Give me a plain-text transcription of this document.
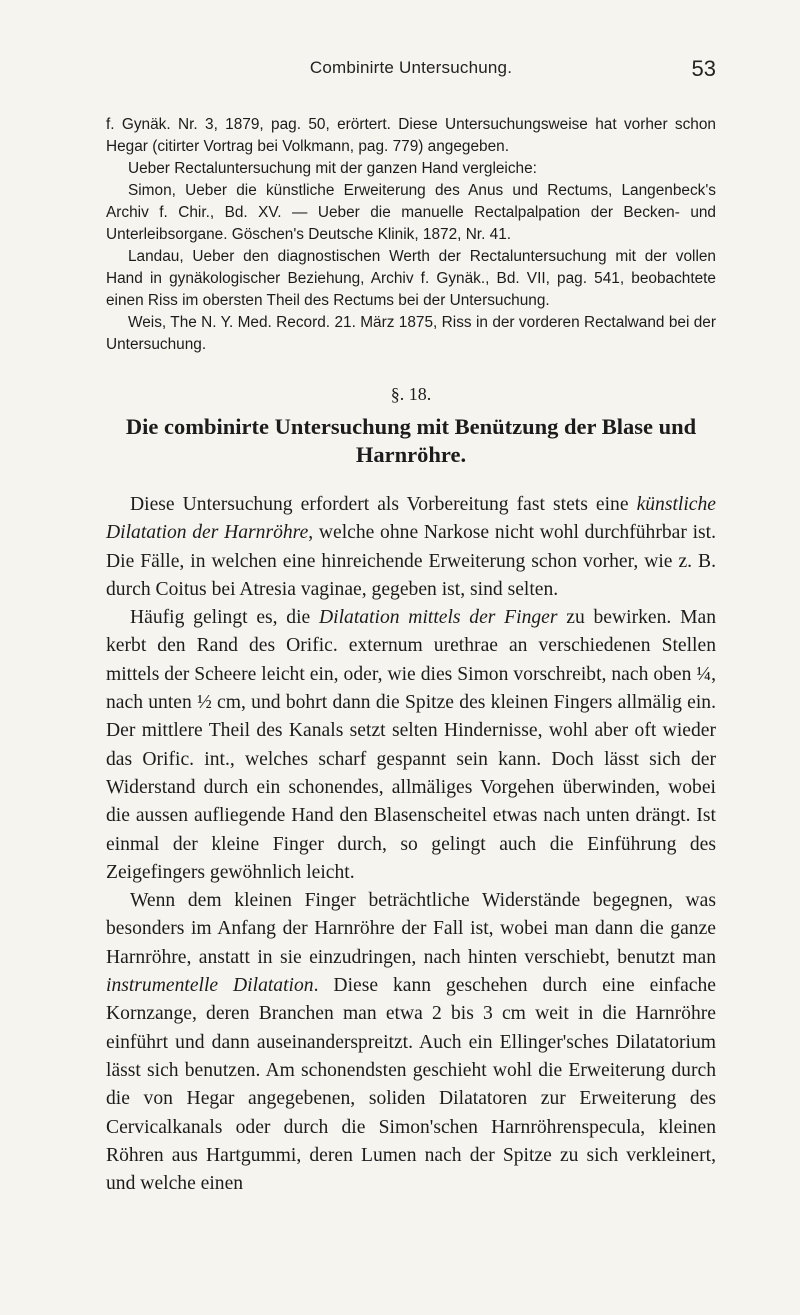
Combinirte Untersuchung.	53

f. Gynäk. Nr. 3, 1879, pag. 50, erörtert. Diese Untersuchungsweise hat vorher schon Hegar (citirter Vortrag bei Volkmann, pag. 779) angegeben.

Ueber Rectaluntersuchung mit der ganzen Hand vergleiche:

Simon, Ueber die künstliche Erweiterung des Anus und Rectums, Langenbeck's Archiv f. Chir., Bd. XV. — Ueber die manuelle Rectalpalpation der Becken- und Unterleibsorgane. Göschen's Deutsche Klinik, 1872, Nr. 41.

Landau, Ueber den diagnostischen Werth der Rectaluntersuchung mit der vollen Hand in gynäkologischer Beziehung, Archiv f. Gynäk., Bd. VII, pag. 541, beobachtete einen Riss im obersten Theil des Rectums bei der Untersuchung.

Weis, The N. Y. Med. Record. 21. März 1875, Riss in der vorderen Rectalwand bei der Untersuchung.

§. 18.
Die combinirte Untersuchung mit Benützung der Blase und Harnröhre.

Diese Untersuchung erfordert als Vorbereitung fast stets eine künstliche Dilatation der Harnröhre, welche ohne Narkose nicht wohl durchführbar ist. Die Fälle, in welchen eine hinreichende Erweiterung schon vorher, wie z. B. durch Coitus bei Atresia vaginae, gegeben ist, sind selten.

Häufig gelingt es, die Dilatation mittels der Finger zu bewirken. Man kerbt den Rand des Orific. externum urethrae an verschiedenen Stellen mittels der Scheere leicht ein, oder, wie dies Simon vorschreibt, nach oben ¼, nach unten ½ cm, und bohrt dann die Spitze des kleinen Fingers allmälig ein. Der mittlere Theil des Kanals setzt selten Hindernisse, wohl aber oft wieder das Orific. int., welches scharf gespannt sein kann. Doch lässt sich der Widerstand durch ein schonendes, allmäliges Vorgehen überwinden, wobei die aussen aufliegende Hand den Blasenscheitel etwas nach unten drängt. Ist einmal der kleine Finger durch, so gelingt auch die Einführung des Zeigefingers gewöhnlich leicht.

Wenn dem kleinen Finger beträchtliche Widerstände begegnen, was besonders im Anfang der Harnröhre der Fall ist, wobei man dann die ganze Harnröhre, anstatt in sie einzudringen, nach hinten verschiebt, benutzt man instrumentelle Dilatation. Diese kann geschehen durch eine einfache Kornzange, deren Branchen man etwa 2 bis 3 cm weit in die Harnröhre einführt und dann auseinanderspreitzt. Auch ein Ellinger'sches Dilatatorium lässt sich benutzen. Am schonendsten geschieht wohl die Erweiterung durch die von Hegar angegebenen, soliden Dilatatoren zur Erweiterung des Cervicalkanals oder durch die Simon'schen Harnröhrenspecula, kleinen Röhren aus Hartgummi, deren Lumen nach der Spitze zu sich verkleinert, und welche einen
